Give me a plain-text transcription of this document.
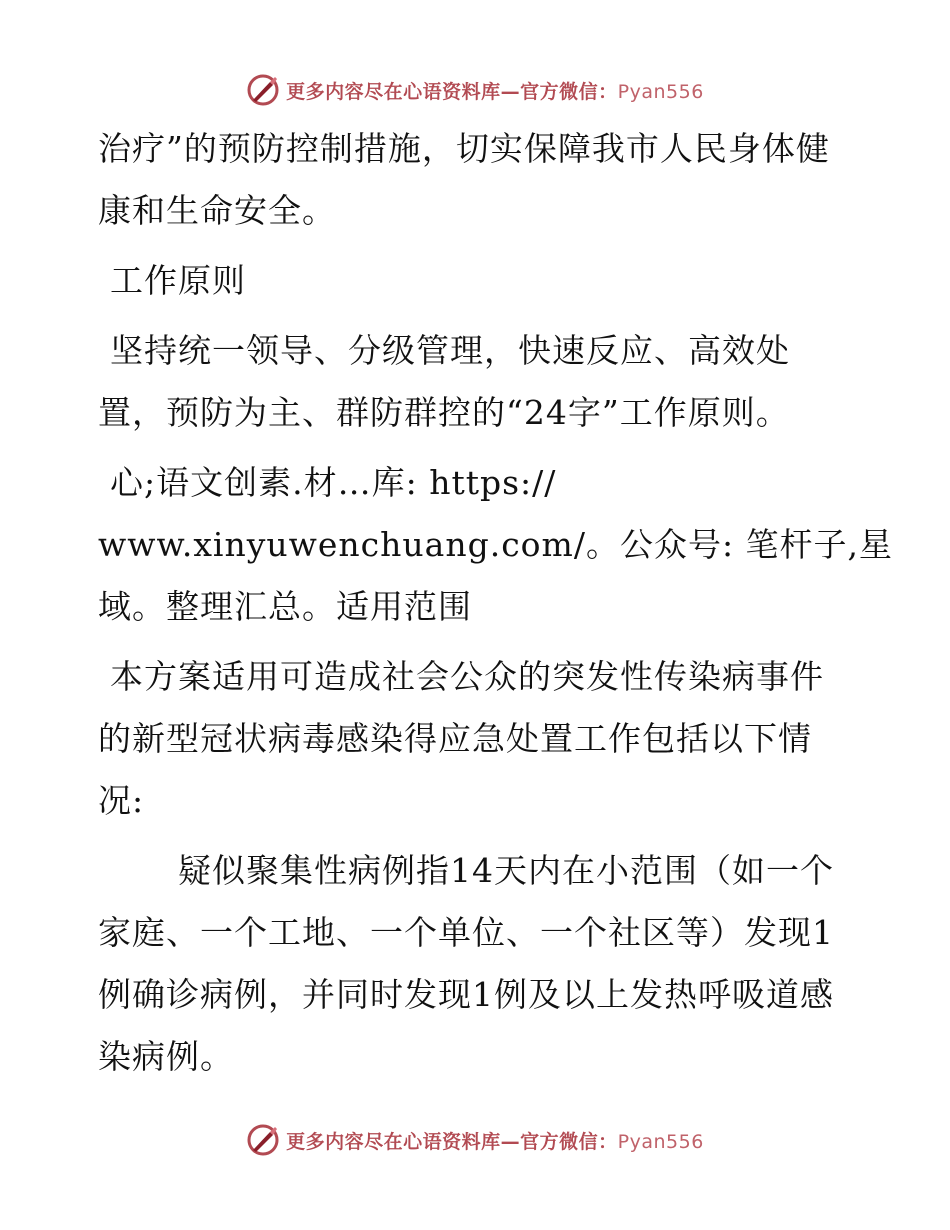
更多内容尽在心语资料库—官方微信：Pyan556

治疗”的预防控制措施，切实保障我市人民身体健
康和生命安全。

工作原则

坚持统一领导、分级管理，快速反应、高效处
置，预防为主、群防群控的“24字”工作原则。

心;语文创素.材…库: https://
www.xinyuwenchuang.com/。公众号: 笔杆子,星
域。整理汇总。适用范围

本方案适用可造成社会公众的突发性传染病事件
的新型冠状病毒感染得应急处置工作包括以下情
况:

疑似聚集性病例指14天内在小范围（如一个
家庭、一个工地、一个单位、一个社区等）发现1
例确诊病例，并同时发现1例及以上发热呼吸道感
染病例。

更多内容尽在心语资料库—官方微信：Pyan556
